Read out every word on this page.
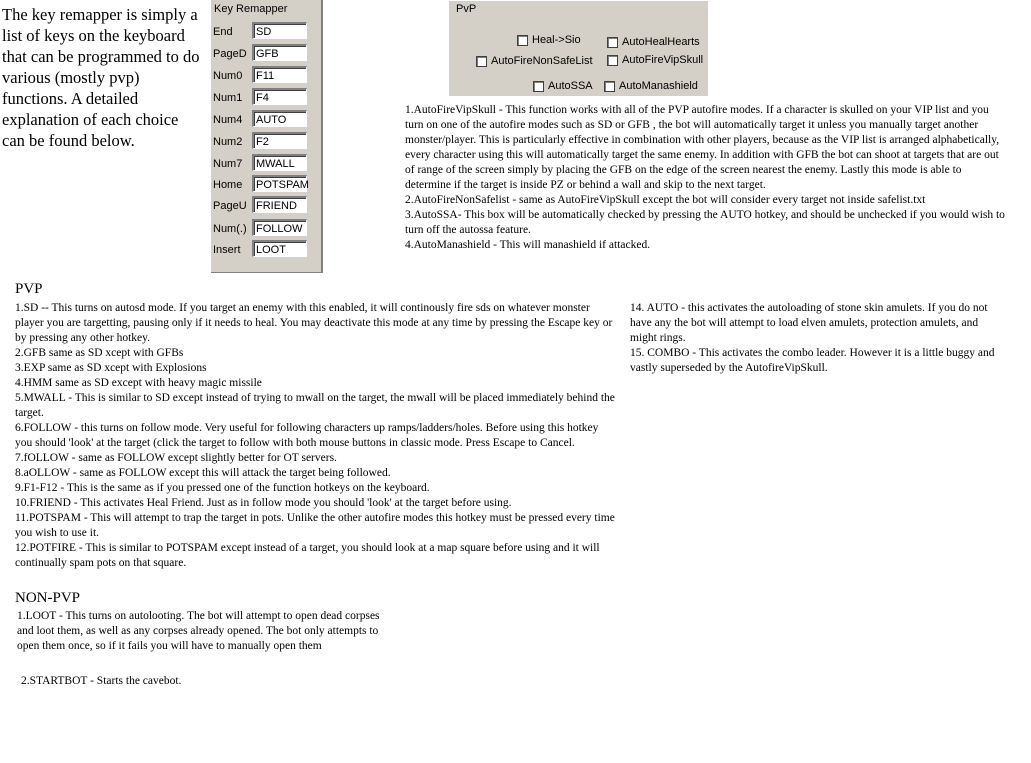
The key remapper is simply a list of keys on the keyboard that can be programmed to do various (mostly pvp) functions. A detailed explanation of each choice can be found below.
Key Remapper
End	SD
PageD GFB
Num0	F11
Num1	F4
Num4	AUTO
Num2	F2
Num7	MWALL
Home	POTSPAM
PageU FRIEND
Num(.) FOLLOW
Insert	LOOT
PvP
Heal->Sio	AutoHealHearts
AutoFireNonSafeList	AutoFireVipSkull
AutoSSA AutoManashield

1.AutoFireVipSkull - This function works with all of the PVP autofire modes. If a character is skulled on your VIP list and you turn on one of the autofire modes such as SD or GFB , the bot will automatically target it unless you manually target another monster/player. This is particularly effective in combination with other players, because as the VIP list is arranged alphabetically, every character using this will automatically target the same enemy. In addition with GFB the bot can shoot at targets that are out of range of the screen simply by placing the GFB on the edge of the screen nearest the enemy. Lastly this mode is able to determine if the target is inside PZ or behind a wall and skip to the next target.

2.AutoFireNonSafelist - same as AutoFireVipSkull except the bot will consider every target not inside safelist.txt

3.AutoSSA- This box will be automatically checked by pressing the AUTO hotkey, and should be unchecked if you would wish to turn off the autossa feature.

4.AutoManashield - This will manashield if attacked.

PVP

1.SD -- This turns on autosd mode. If you target an enemy with this enabled, it will continously fire sds on whatever monster player you are targetting, pausing only if it needs to heal. You may deactivate this mode at any time by pressing the Escape key or by pressing any other hotkey.

2.GFB same as SD xcept with GFBs

3.EXP same as SD xcept with Explosions

4.HMM same as SD except with heavy magic missile

5.MWALL - This is similar to SD except instead of trying to mwall on the target, the mwall will be placed immediately behind the target.

6.FOLLOW - this turns on follow mode. Very useful for following characters up ramps/ladders/holes. Before using this hotkey you should 'look' at the target (click the target to follow with both mouse buttons in classic mode. Press Escape to Cancel.

7.fOLLOW - same as FOLLOW except slightly better for OT servers.

8.aOLLOW - same as FOLLOW except this will attack the target being followed.

9.F1-F12 - This is the same as if you pressed one of the function hotkeys on the keyboard.

10.FRIEND - This activates Heal Friend. Just as in follow mode you should 'look' at the target before using.

11.POTSPAM - This will attempt to trap the target in pots. Unlike the other autofire modes this hotkey must be pressed every time you wish to use it.

12.POTFIRE - This is similar to POTSPAM except instead of a target, you should look at a map square before using and it will continually spam pots on that square.

14. AUTO - this activates the autoloading of stone skin amulets. If you do not have any the bot will attempt to load elven amulets, protection amulets, and might rings.

15. COMBO - This activates the combo leader. However it is a little buggy and vastly superseded by the AutofireVipSkull.

NON-PVP
1.LOOT - This turns on autolooting. The bot will attempt to open dead corpses and loot them, as well as any corpses already opened. The bot only attempts to open them once, so if it fails you will have to manually open them
2.STARTBOT - Starts the cavebot.
